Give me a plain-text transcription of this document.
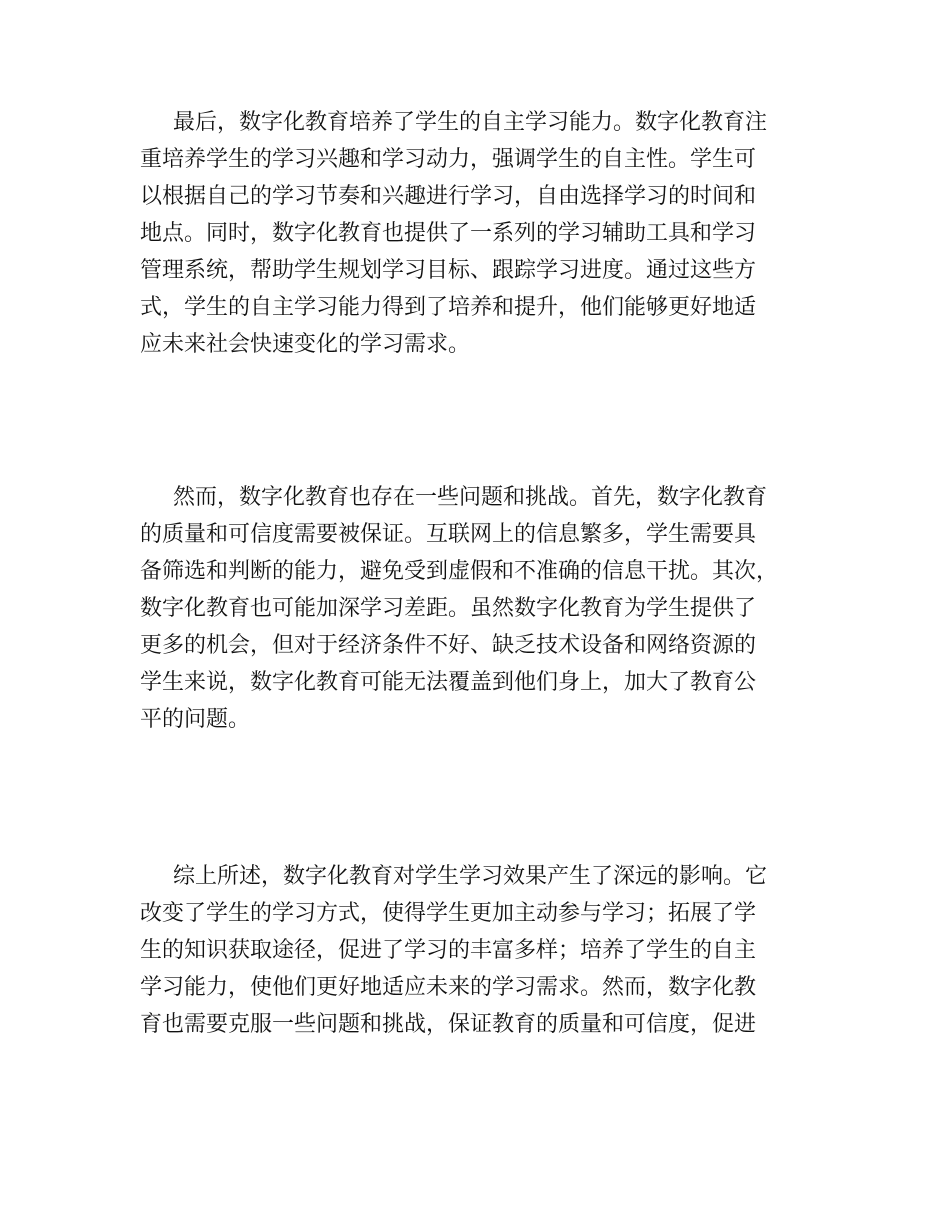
最后，数字化教育培养了学生的自主学习能力。数字化教育注
重培养学生的学习兴趣和学习动力，强调学生的自主性。学生可
以根据自己的学习节奏和兴趣进行学习，自由选择学习的时间和
地点。同时，数字化教育也提供了一系列的学习辅助工具和学习
管理系统，帮助学生规划学习目标、跟踪学习进度。通过这些方
式，学生的自主学习能力得到了培养和提升，他们能够更好地适
应未来社会快速变化的学习需求。
然而，数字化教育也存在一些问题和挑战。首先，数字化教育
的质量和可信度需要被保证。互联网上的信息繁多，学生需要具
备筛选和判断的能力，避免受到虚假和不准确的信息干扰。其次，
数字化教育也可能加深学习差距。虽然数字化教育为学生提供了
更多的机会，但对于经济条件不好、缺乏技术设备和网络资源的
学生来说，数字化教育可能无法覆盖到他们身上，加大了教育公
平的问题。
综上所述，数字化教育对学生学习效果产生了深远的影响。它
改变了学生的学习方式，使得学生更加主动参与学习；拓展了学
生的知识获取途径，促进了学习的丰富多样；培养了学生的自主
学习能力，使他们更好地适应未来的学习需求。然而，数字化教
育也需要克服一些问题和挑战，保证教育的质量和可信度，促进
